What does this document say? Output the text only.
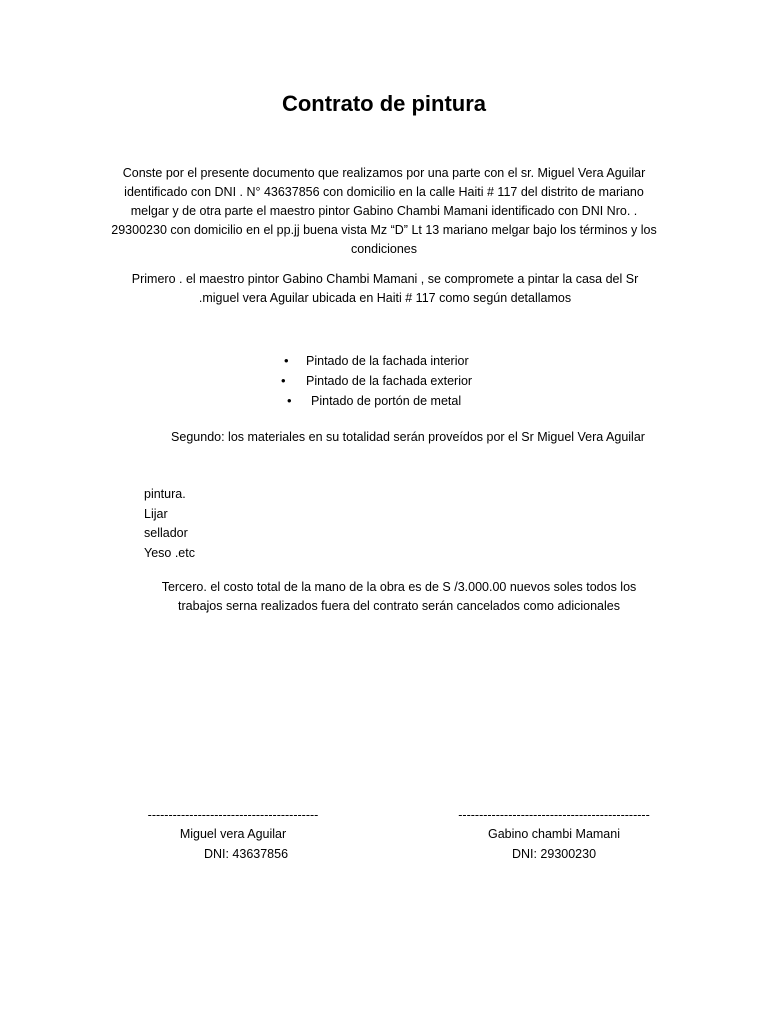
Contrato de pintura
Conste por el presente documento que realizamos por una parte con el sr. Miguel Vera Aguilar identificado con DNI . N° 43637856 con domicilio en la calle Haiti # 117 del distrito de mariano melgar y de otra parte el maestro pintor Gabino Chambi Mamani identificado con DNI Nro. . 29300230 con domicilio en el pp.jj buena vista Mz “D” Lt 13 mariano melgar bajo los términos y los condiciones
Primero . el maestro pintor Gabino Chambi Mamani , se compromete a pintar la casa del Sr .miguel vera Aguilar ubicada en Haiti # 117 como según detallamos
• Pintado de la fachada interior
• Pintado de la fachada exterior
• Pintado de portón de metal
Segundo: los materiales en su totalidad serán proveídos por el Sr Miguel Vera Aguilar
pintura.
Lijar
sellador
Yeso .etc
Tercero. el costo total de la mano de la obra es de S /3.000.00 nuevos soles todos los trabajos serna realizados fuera del contrato serán cancelados como adicionales
-----------------------------------------
Miguel vera Aguilar
DNI: 43637856
----------------------------------------------
Gabino chambi Mamani
DNI: 29300230
